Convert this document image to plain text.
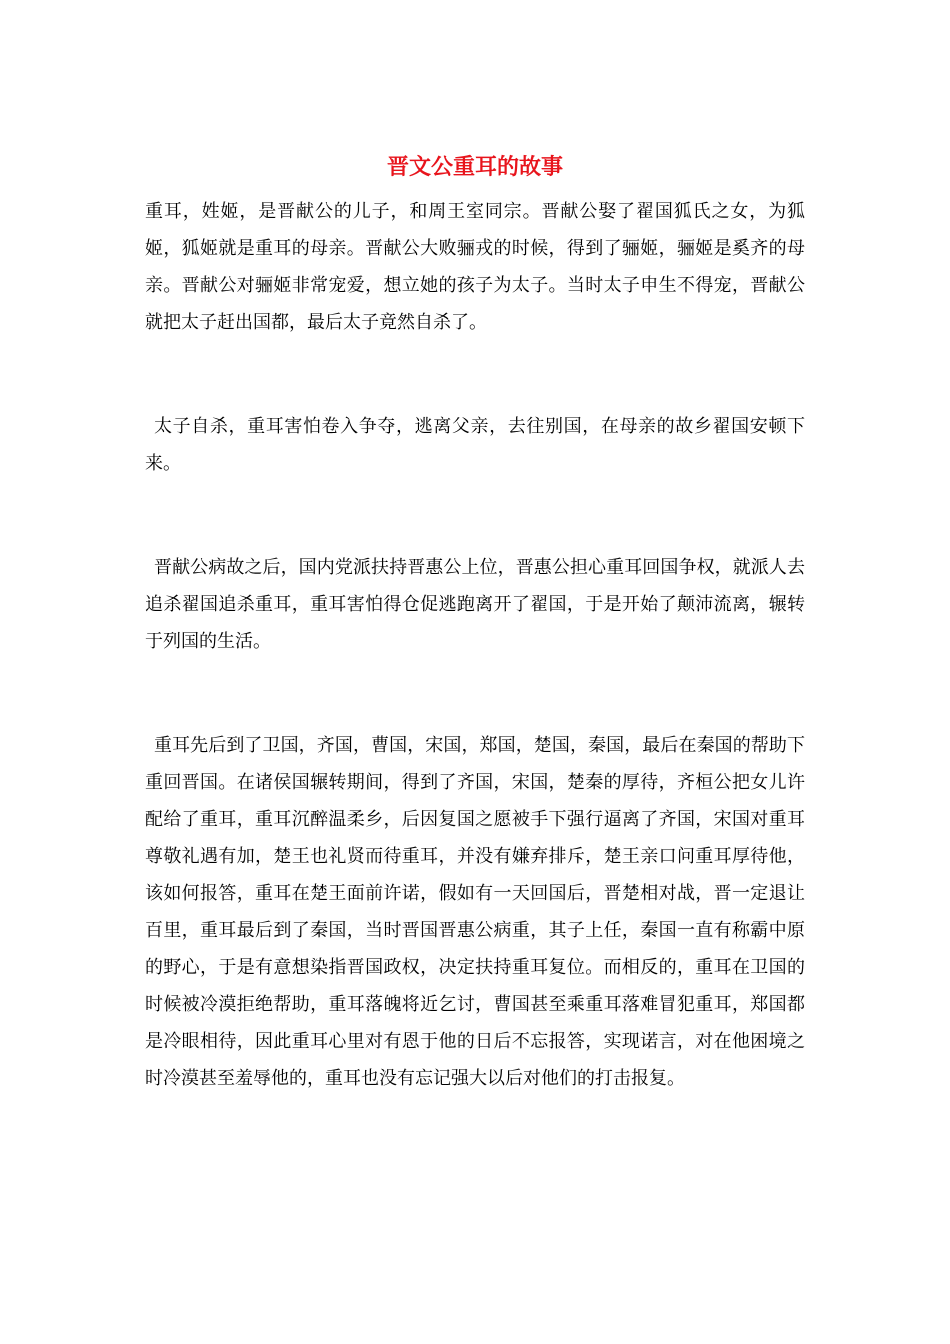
晋文公重耳的故事

重耳，姓姬，是晋献公的儿子，和周王室同宗。晋献公娶了翟国狐氏之女，为狐姬，狐姬就是重耳的母亲。晋献公大败骊戎的时候，得到了骊姬，骊姬是奚齐的母亲。晋献公对骊姬非常宠爱，想立她的孩子为太子。当时太子申生不得宠，晋献公就把太子赶出国都，最后太子竟然自杀了。

太子自杀，重耳害怕卷入争夺，逃离父亲，去往别国，在母亲的故乡翟国安顿下来。

晋献公病故之后，国内党派扶持晋惠公上位，晋惠公担心重耳回国争权，就派人去追杀翟国追杀重耳，重耳害怕得仓促逃跑离开了翟国，于是开始了颠沛流离，辗转于列国的生活。

重耳先后到了卫国，齐国，曹国，宋国，郑国，楚国，秦国，最后在秦国的帮助下重回晋国。在诸侯国辗转期间，得到了齐国，宋国，楚秦的厚待，齐桓公把女儿许配给了重耳，重耳沉醉温柔乡，后因复国之愿被手下强行逼离了齐国，宋国对重耳尊敬礼遇有加，楚王也礼贤而待重耳，并没有嫌弃排斥，楚王亲口问重耳厚待他，该如何报答，重耳在楚王面前许诺，假如有一天回国后，晋楚相对战，晋一定退让百里，重耳最后到了秦国，当时晋国晋惠公病重，其子上任，秦国一直有称霸中原的野心，于是有意想染指晋国政权，决定扶持重耳复位。而相反的，重耳在卫国的时候被冷漠拒绝帮助，重耳落魄将近乞讨，曹国甚至乘重耳落难冒犯重耳，郑国都是冷眼相待，因此重耳心里对有恩于他的日后不忘报答，实现诺言，对在他困境之时冷漠甚至羞辱他的，重耳也没有忘记强大以后对他们的打击报复。
